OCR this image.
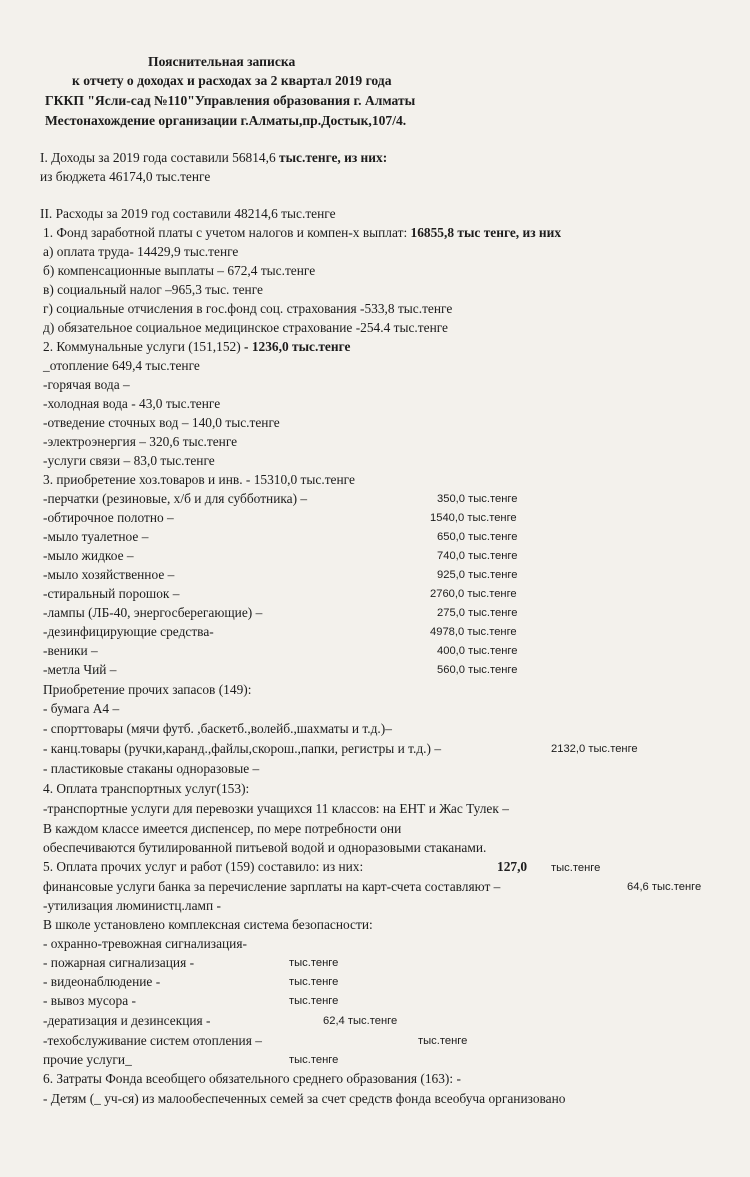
Пояснительная записка
к отчету о доходах и расходах за 2 квартал 2019 года
ГККП "Ясли-сад №110"Управления образования г. Алматы
Местонахождение организации г.Алматы,пр.Достык,107/4.
I. Доходы за 2019 года составили 56814,6 тыс.тенге, из них:
из бюджета 46174,0 тыс.тенге
II. Расходы за 2019 год составили 48214,6 тыс.тенге
1. Фонд заработной платы с учетом налогов и компен-х выплат: 16855,8 тыс тенге, из них
а) оплата труда- 14429,9 тыс.тенге
б) компенсационные выплаты – 672,4 тыс.тенге
в) социальный налог –965,3 тыс. тенге
г) социальные отчисления в гос.фонд соц. страхования -533,8 тыс.тенге
д) обязательное социальное медицинское страхование -254.4 тыс.тенге
2. Коммунальные услуги (151,152) - 1236,0 тыс.тенге
_отопление 649,4 тыс.тенге
-горячая вода –
-холодная вода - 43,0 тыс.тенге
-отведение сточных вод – 140,0 тыс.тенге
-электроэнергия – 320,6 тыс.тенге
-услуги связи – 83,0 тыс.тенге
3. приобретение хоз.товаров и инв. - 15310,0 тыс.тенге
-перчатки (резиновые, х/б и для субботника) –	350,0 тыс.тенге
-обтирочное полотно –	1540,0 тыс.тенге
-мыло туалетное –	650,0 тыс.тенге
-мыло жидкое –	740,0 тыс.тенге
-мыло хозяйственное –	925,0 тыс.тенге
-стиральный порошок –	2760,0 тыс.тенге
-лампы (ЛБ-40, энергосберегающие) –	275,0 тыс.тенге
-дезинфицирующие средства-	4978,0 тыс.тенге
-веники –	400,0 тыс.тенге
-метла Чий –	560,0 тыс.тенге
Приобретение прочих запасов (149):
- бумага А4 –
- спорттовары (мячи футб. ,баскетб.,волейб.,шахматы и т.д.)–
- канц.товары (ручки,каранд.,файлы,скорош.,папки, регистры и т.д.) –	2132,0 тыс.тенге
- пластиковые стаканы одноразовые –
4. Оплата транспортных услуг(153):
-транспортные услуги для перевозки учащихся 11 классов: на ЕНТ и Жас Тулек –
В каждом классе имеется диспенсер, по мере потребности они
обеспечиваются бутилированной питьевой водой и одноразовыми стаканами.
5. Оплата прочих услуг и работ (159) составило: из них:	127,0 тыс.тенге
финансовые услуги банка за перечисление зарплаты на карт-счета составляют –	64,6 тыс.тенге
-утилизация люминистц.ламп -
В школе установлено комплексная система безопасности:
- охранно-тревожная сигнализация-
- пожарная сигнализация -	тыс.тенге
- видеонаблюдение -	тыс.тенге
- вывоз мусора -	тыс.тенге
-дератизация и дезинсекция -	62,4 тыс.тенге
-техобслуживание систем отопления –	тыс.тенге
прочие услуги_	тыс.тенге
6. Затраты Фонда всеобщего обязательного среднего образования (163): -
- Детям (_ уч-ся) из малообеспеченных семей за счет средств фонда всеобуча организовано
